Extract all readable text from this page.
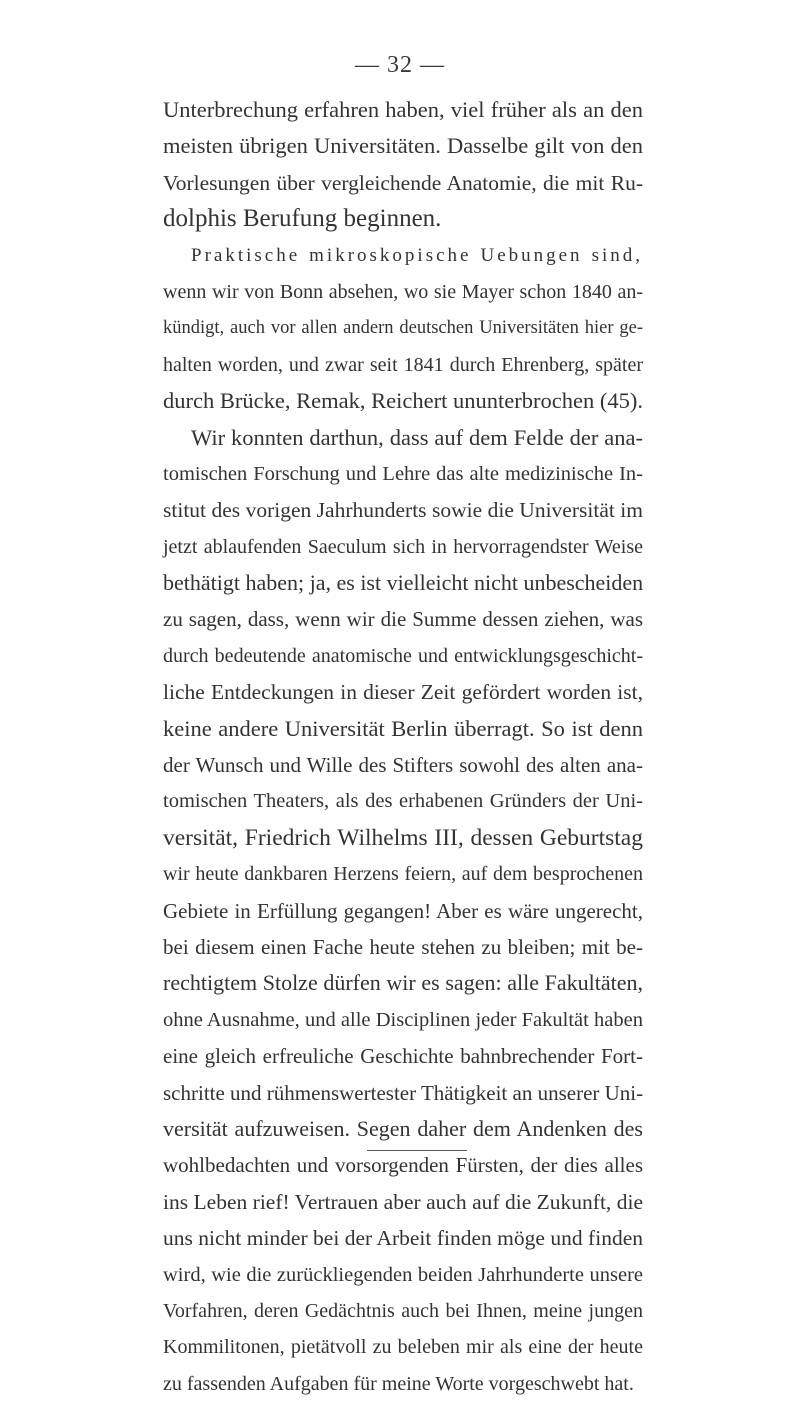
— 32 —
Unterbrechung erfahren haben, viel früher als an den
meisten übrigen Universitäten. Dasselbe gilt von den
Vorlesungen über vergleichende Anatomie, die mit Ru-
dolphis Berufung beginnen.
Praktische mikroskopische Uebungen sind,
wenn wir von Bonn absehen, wo sie Mayer schon 1840 an-
kündigt, auch vor allen andern deutschen Universitäten hier ge-
halten worden, und zwar seit 1841 durch Ehrenberg, später
durch Brücke, Remak, Reichert ununterbrochen (45).
Wir konnten darthun, dass auf dem Felde der ana-
tomischen Forschung und Lehre das alte medizinische In-
stitut des vorigen Jahrhunderts sowie die Universität im
jetzt ablaufenden Saeculum sich in hervorragendster Weise
bethätigt haben; ja, es ist vielleicht nicht unbescheiden
zu sagen, dass, wenn wir die Summe dessen ziehen, was
durch bedeutende anatomische und entwicklungsgeschicht-
liche Entdeckungen in dieser Zeit gefördert worden ist,
keine andere Universität Berlin überragt. So ist denn
der Wunsch und Wille des Stifters sowohl des alten ana-
tomischen Theaters, als des erhabenen Gründers der Uni-
versität, Friedrich Wilhelms III, dessen Geburtstag
wir heute dankbaren Herzens feiern, auf dem besprochenen
Gebiete in Erfüllung gegangen! Aber es wäre ungerecht,
bei diesem einen Fache heute stehen zu bleiben; mit be-
rechtigtem Stolze dürfen wir es sagen: alle Fakultäten,
ohne Ausnahme, und alle Disciplinen jeder Fakultät haben
eine gleich erfreuliche Geschichte bahnbrechender Fort-
schritte und rühmenswertester Thätigkeit an unserer Uni-
versität aufzuweisen. Segen daher dem Andenken des
wohlbedachten und vorsorgenden Fürsten, der dies alles
ins Leben rief! Vertrauen aber auch auf die Zukunft, die
uns nicht minder bei der Arbeit finden möge und finden
wird, wie die zurückliegenden beiden Jahrhunderte unsere
Vorfahren, deren Gedächtnis auch bei Ihnen, meine jungen
Kommilitonen, pietätvoll zu beleben mir als eine der heute
zu fassenden Aufgaben für meine Worte vorgeschwebt hat.
